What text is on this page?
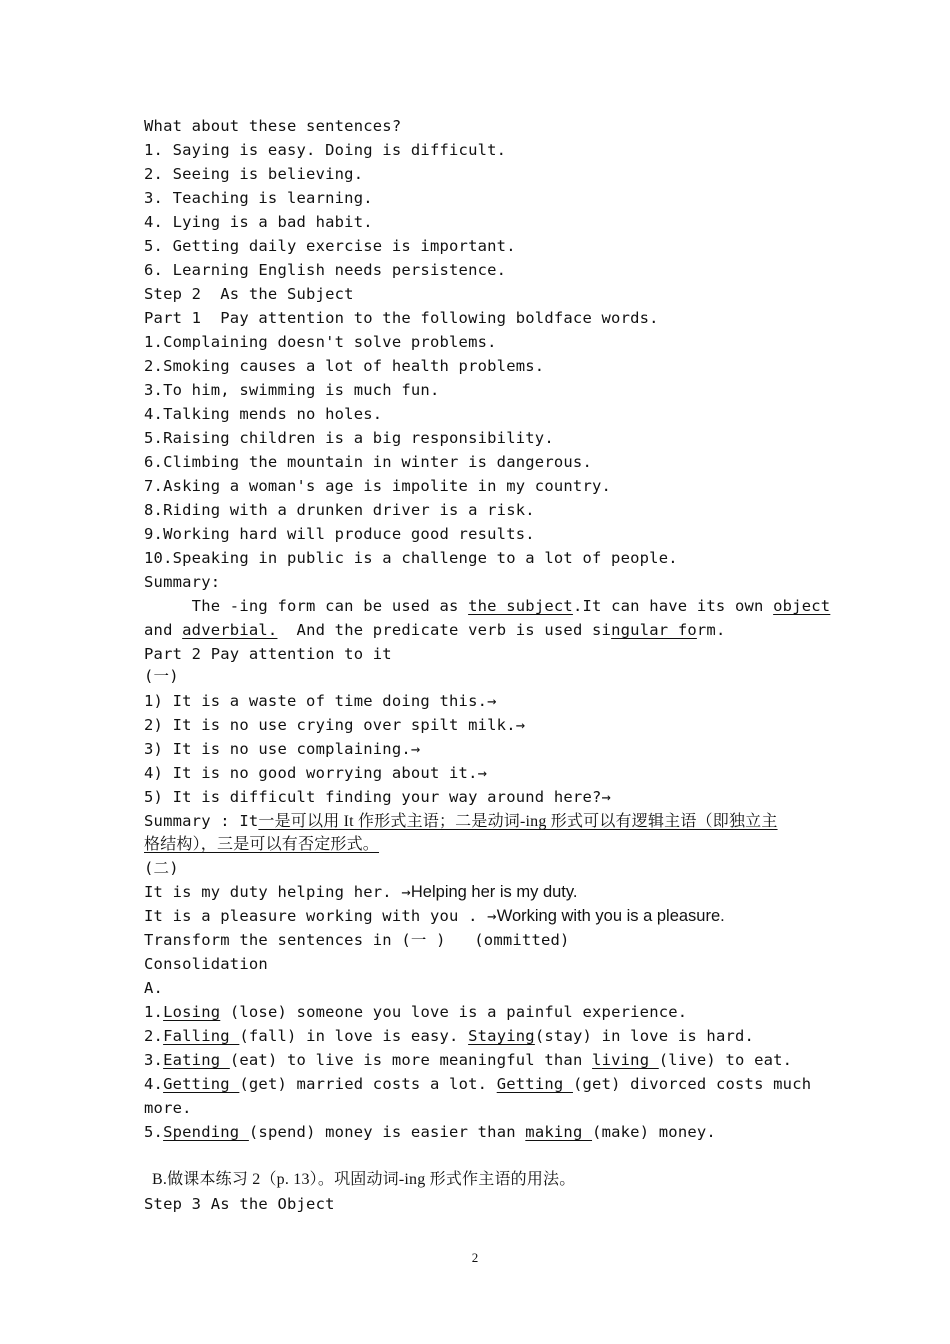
What about these sentences?
1. Saying is easy. Doing is difficult.
2. Seeing is believing.
3. Teaching is learning.
4. Lying is a bad habit.
5. Getting daily exercise is important.
6. Learning English needs persistence.
Step 2  As the Subject
Part 1  Pay attention to the following boldface words.
1.Complaining doesn't solve problems.
2.Smoking causes a lot of health problems.
3.To him, swimming is much fun.
4.Talking mends no holes.
5.Raising children is a big responsibility.
6.Climbing the mountain in winter is dangerous.
7.Asking a woman's age is impolite in my country.
8.Riding with a drunken driver is a risk.
9.Working hard will produce good results.
10.Speaking in public is a challenge to a lot of people.
Summary:
The -ing form can be used as the subject.It can have its own object
and adverbial.  And the predicate verb is used singular form.
Part 2 Pay attention to it
(一)
1) It is a waste of time doing this.→
2) It is no use crying over spilt milk.→
3) It is no use complaining.→
4) It is no good worrying about it.→
5) It is difficult finding your way around here?→
Summary : It一是可以用 It 作形式主语；二是动词-ing 形式可以有逻辑主语（即独立主
格结构），三是可以有否定形式。
(二)
It is my duty helping her. →Helping her is my duty.
It is a pleasure working with you . →Working with you is a pleasure.
Transform the sentences in (一 )   (ommitted)
Consolidation
A.
1.Losing (lose) someone you love is a painful experience.
2.Falling (fall) in love is easy. Staying(stay) in love is hard.
3.Eating (eat) to live is more meaningful than living (live) to eat.
4.Getting (get) married costs a lot. Getting (get) divorced costs much
more.
5.Spending (spend) money is easier than making (make) money.
B.做课本练习 2（p. 13）。巩固动词-ing 形式作主语的用法。
Step 3 As the Object
2
